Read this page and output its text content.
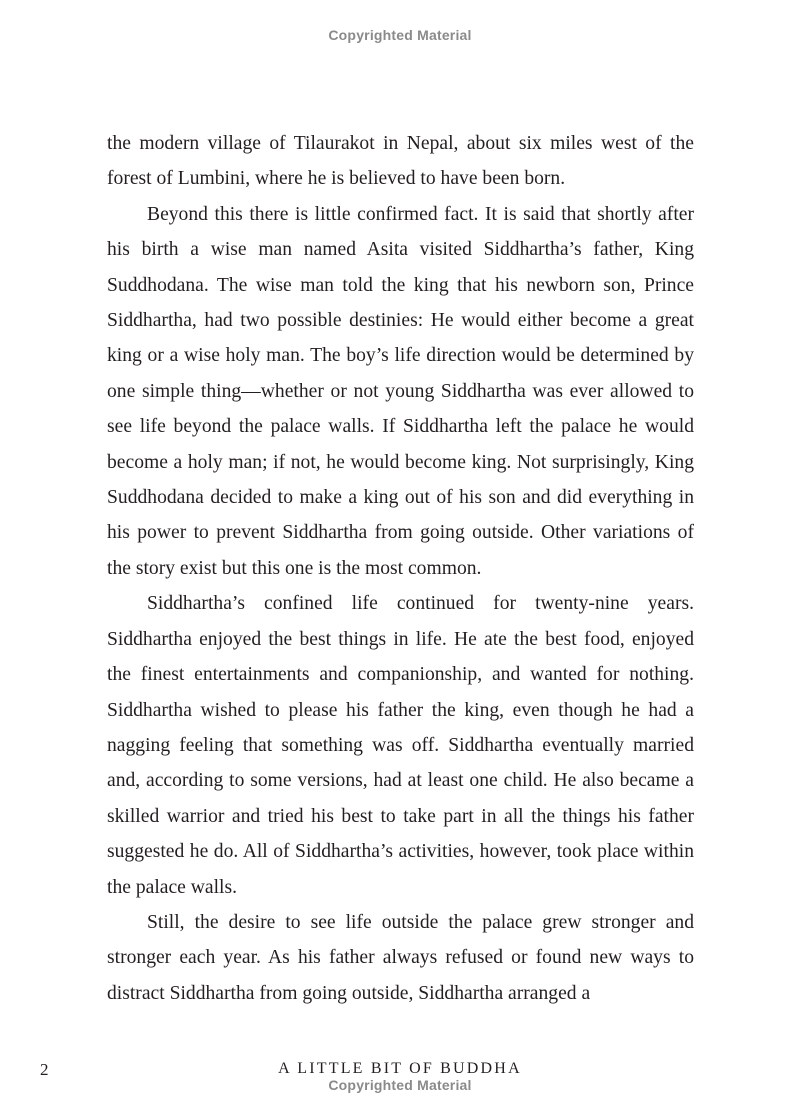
Copyrighted Material

the modern village of Tilaurakot in Nepal, about six miles west of the forest of Lumbini, where he is believed to have been born.

Beyond this there is little confirmed fact. It is said that shortly after his birth a wise man named Asita visited Siddhartha’s father, King Suddhodana. The wise man told the king that his newborn son, Prince Siddhartha, had two possible destinies: He would either become a great king or a wise holy man. The boy’s life direction would be determined by one simple thing—whether or not young Siddhartha was ever allowed to see life beyond the palace walls. If Siddhartha left the palace he would become a holy man; if not, he would become king. Not surprisingly, King Suddhodana decided to make a king out of his son and did everything in his power to prevent Siddhartha from going outside. Other variations of the story exist but this one is the most common.

Siddhartha’s confined life continued for twenty-nine years. Siddhartha enjoyed the best things in life. He ate the best food, enjoyed the finest entertainments and companionship, and wanted for nothing. Siddhartha wished to please his father the king, even though he had a nagging feeling that something was off. Siddhartha eventually married and, according to some versions, had at least one child. He also became a skilled warrior and tried his best to take part in all the things his father suggested he do. All of Siddhartha’s activities, however, took place within the palace walls.

Still, the desire to see life outside the palace grew stronger and stronger each year. As his father always refused or found new ways to distract Siddhartha from going outside, Siddhartha arranged a

2	A LITTLE BIT OF BUDDHA
Copyrighted Material
